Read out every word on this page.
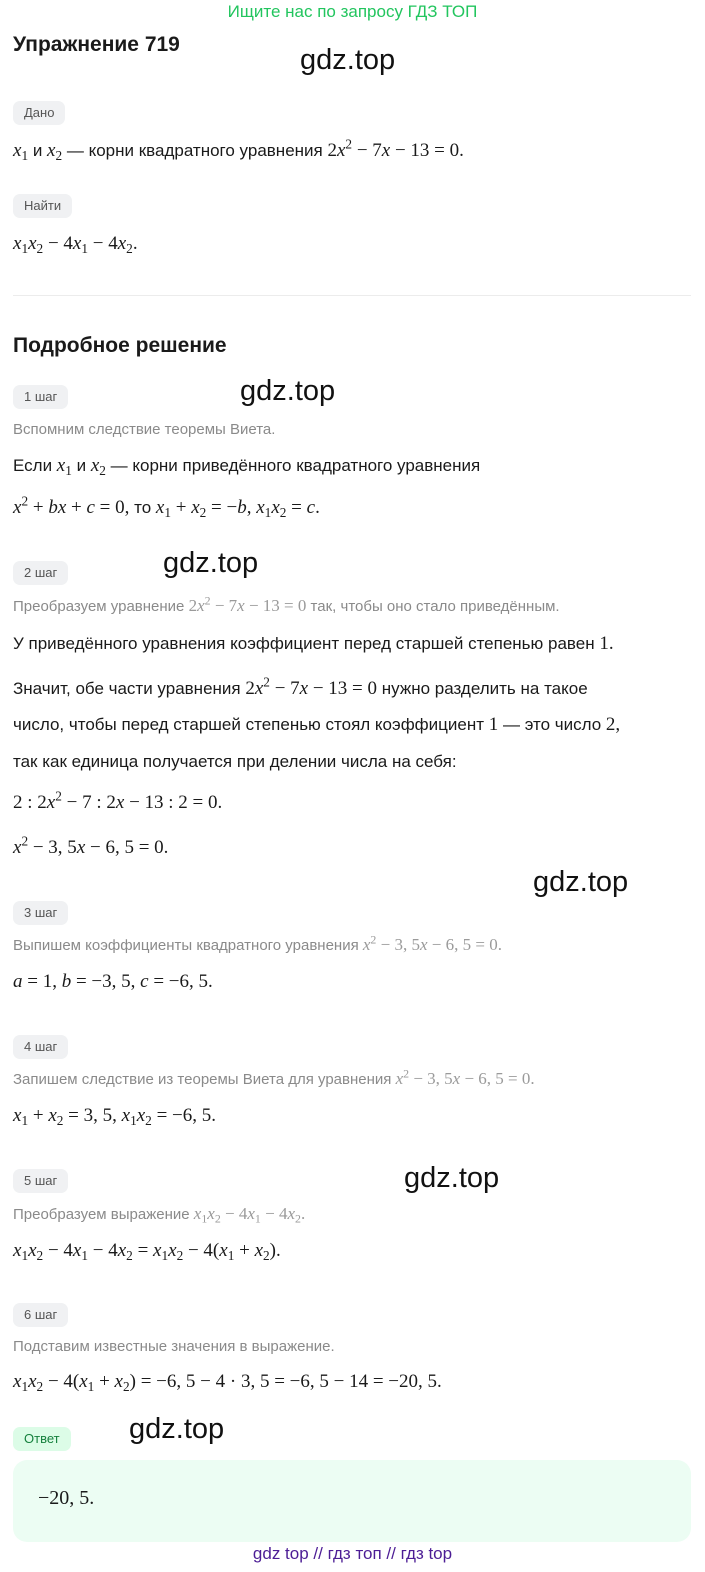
Ищите нас по запросу ГДЗ ТОП
Упражнение 719	gdz.top
Дано
$x_1$ и $x_2$ — корни квадратного уравнения $2x^2 - 7x - 13 = 0$.
Найти
$x_1x_2 - 4x_1 - 4x_2$.
Подробное решение
1 шаг	gdz.top
Вспомним следствие теоремы Виета.
Если $x_1$ и $x_2$ — корни приведённого квадратного уравнения
$x^2$ + bx + c = 0, то $x_1 + x_2 = -b$, $x_1x_2 = c$.
2 шаг	gdz.top
Преобразуем уравнение $2x^2 - 7x - 13 = 0$ так, чтобы оно стало приведённым.
У приведённого уравнения коэффициент перед старшей степенью равен 1.
Значит, обе части уравнения $2x^2 - 7x - 13 = 0$ нужно разделить на такое
число, чтобы перед старшей степенью стоял коэффициент 1 — это число 2,
так как единица получается при делении числа на себя:
2 : $2x^2 - 7$ : 2x − 13 : 2 = 0.
$x^2 - 3$, 5x − 6, 5 = 0.
gdz.top
3 шаг
Выпишем коэффициенты квадратного уравнения $x^2 - 3$, 5x − 6, 5 = 0.
a = 1, b = −3, 5, c = −6, 5.
4 шаг
Запишем следствие из теоремы Виета для уравнения $x^2 - 3$, 5x − 6, 5 = 0.
$x_1 + x_2 = 3$, 5, $x_1x_2 = -6$, 5.
gdz.top
5 шаг
Преобразуем выражение $x_1x_2 - 4x_1 - 4x_2$.
$x_1x_2 - 4x_1 - 4x_2 = x_1x_2 - 4(x_1 + x_2)$.
6 шаг
Подставим известные значения в выражение.
$x_1x_2 - 4(x_1 + x_2) = -6$, 5 − 4 · 3, 5 = −6, 5 − 14 = −20, 5.
Ответ	gdz.top
−20, 5.
gdz top // гдз топ // гдз top
